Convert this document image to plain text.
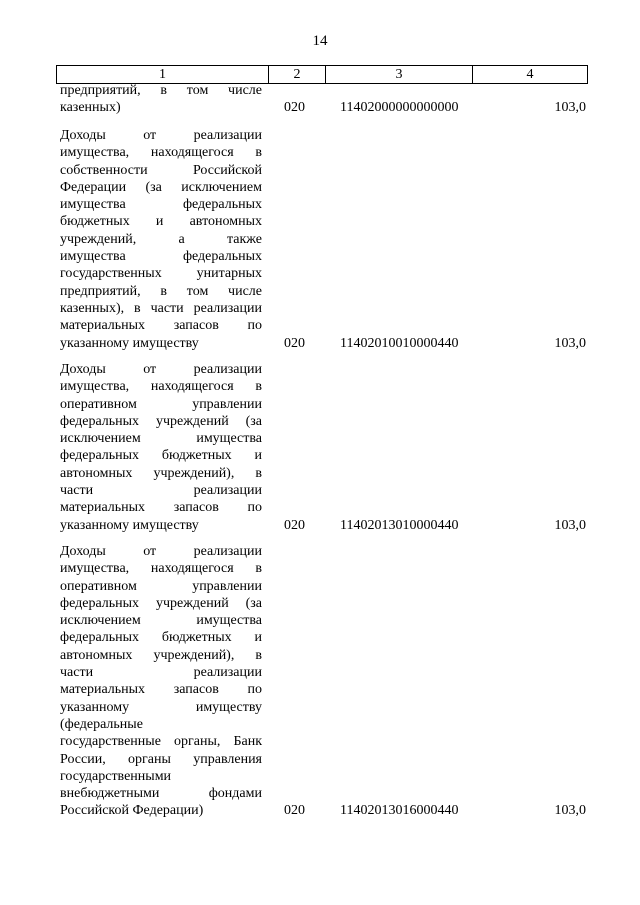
14
1	2	3	4
предприятий, в том числе
казенных)	020	11402000000000000	103,0
Доходы от реализации
имущества, находящегося в
собственности Российской
Федерации (за исключением
имущества федеральных
бюджетных и автономных
учреждений, а также
имущества федеральных
государственных унитарных
предприятий, в том числе
казенных), в части реализации
материальных запасов по
указанному имуществу	020	11402010010000440	103,0
Доходы от реализации
имущества, находящегося в
оперативном управлении
федеральных учреждений (за
исключением имущества
федеральных бюджетных и
автономных учреждений), в
части реализации
материальных запасов по
указанному имуществу	020	11402013010000440	103,0
Доходы от реализации
имущества, находящегося в
оперативном управлении
федеральных учреждений (за
исключением имущества
федеральных бюджетных и
автономных учреждений), в
части реализации
материальных запасов по
указанному имуществу
(федеральные
государственные органы, Банк
России, органы управления
государственными
внебюджетными фондами
Российской Федерации)	020	11402013016000440	103,0
